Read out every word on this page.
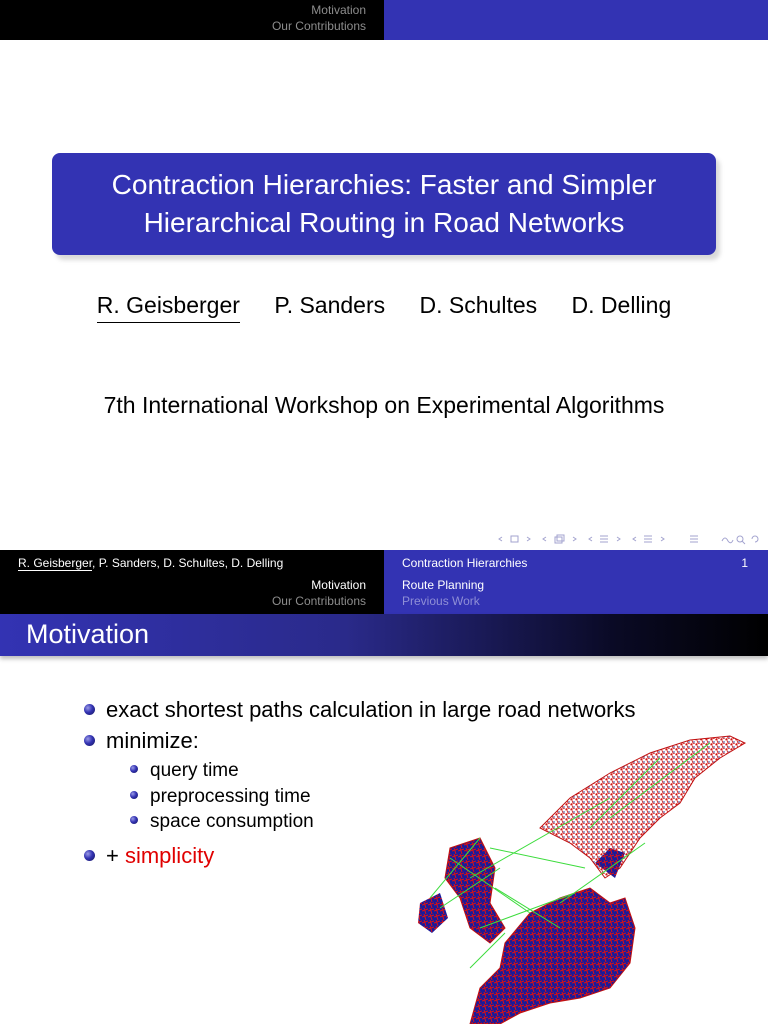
Motivation
Our Contributions
Contraction Hierarchies: Faster and Simpler Hierarchical Routing in Road Networks
R. Geisberger P. Sanders D. Schultes D. Delling
7th International Workshop on Experimental Algorithms
R. Geisberger, P. Sanders, D. Schultes, D. Delling	Contraction Hierarchies	1
Motivation
Our Contributions
Route Planning
Previous Work
Motivation
exact shortest paths calculation in large road networks
minimize:
query time
preprocessing time
space consumption
+ simplicity
